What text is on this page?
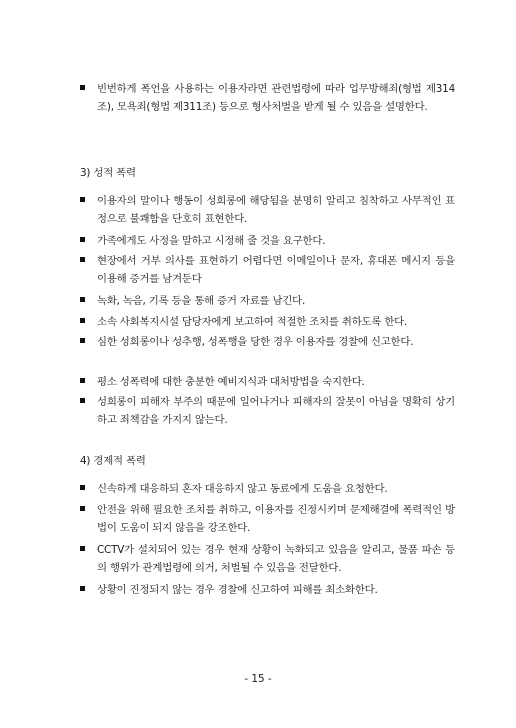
빈번하게 폭언을 사용하는 이용자라면 관련법령에 따라 업무방해죄(형법 제314조), 모욕죄(형법 제311조) 등으로 형사처벌을 받게 될 수 있음을 설명한다.
3) 성적 폭력
이용자의 말이나 행동이 성희롱에 해당됨을 분명히 알리고 침착하고 사무적인 표정으로 불쾌함을 단호히 표현한다.
가족에게도 사정을 말하고 시정해 줄 것을 요구한다.
현장에서 거부 의사를 표현하기 어렵다면 이메일이나 문자, 휴대폰 메시지 등을 이용해 증거를 남겨둔다
녹화, 녹음, 기록 등을 통해 증거 자료를 남긴다.
소속 사회복지시설 담당자에게 보고하여 적절한 조치를 취하도록 한다.
심한 성희롱이나 성추행, 성폭행을 당한 경우 이용자를 경찰에 신고한다.
평소 성폭력에 대한 충분한 예비지식과 대처방법을 숙지한다.
성희롱이 피해자 부주의 때문에 일어나거나 피해자의 잘못이 아님을 명확히 상기하고 죄책감을 가지지 않는다.
4) 경제적 폭력
신속하게 대응하되 혼자 대응하지 않고 동료에게 도움을 요청한다.
안전을 위해 필요한 조치를 취하고, 이용자를 진정시키며 문제해결에 폭력적인 방법이 도움이 되지 않음을 강조한다.
CCTV가 설치되어 있는 경우 현재 상황이 녹화되고 있음을 알리고, 물품 파손 등의 행위가 관계법령에 의거, 처벌될 수 있음을 전달한다.
상황이 진정되지 않는 경우 경찰에 신고하여 피해를 최소화한다.
- 15 -
